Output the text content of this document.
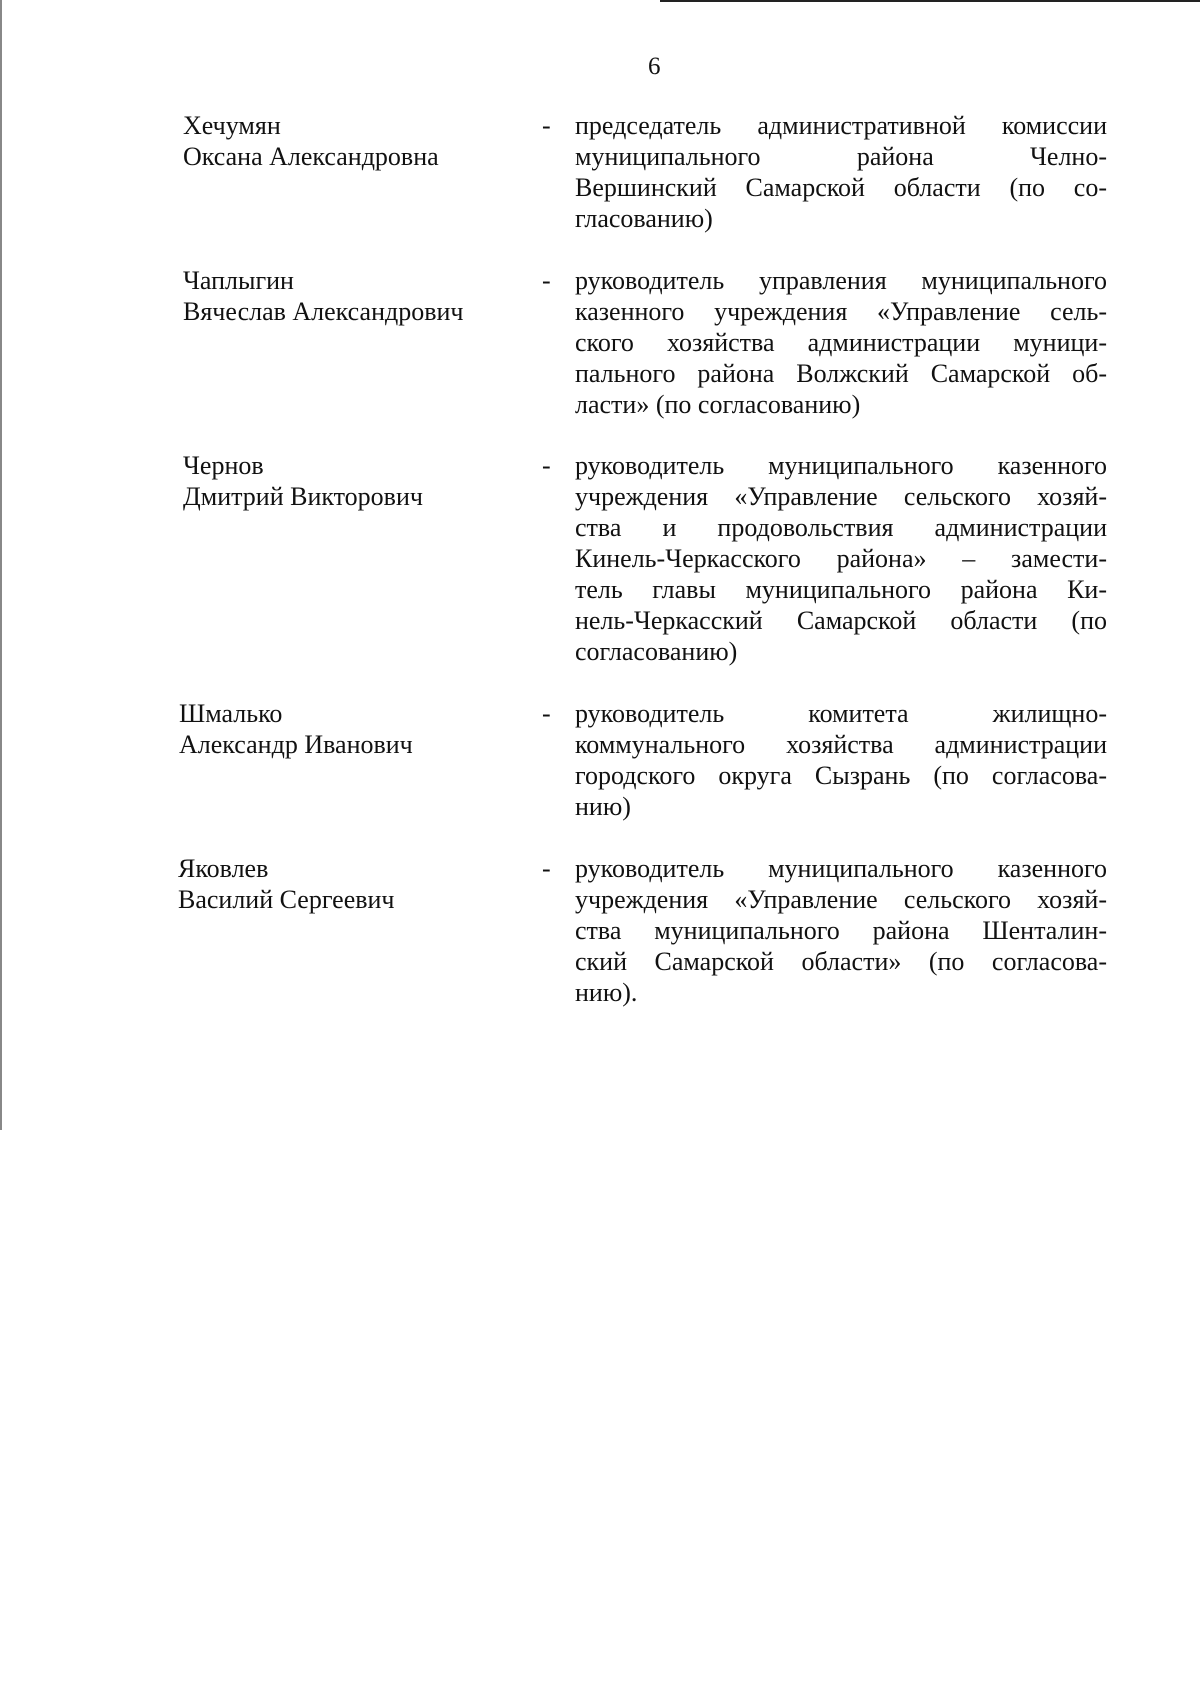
6
Хечумян
Оксана Александровна
- председатель административной комиссии
муниципального района Челно-
Вершинский Самарской области (по со-
гласованию)
Чаплыгин
Вячеслав Александрович
- руководитель управления муниципального
казенного учреждения «Управление сель-
ского хозяйства администрации муници-
пального района Волжский Самарской об-
ласти» (по согласованию)
Чернов
Дмитрий Викторович
- руководитель муниципального казенного
учреждения «Управление сельского хозяй-
ства и продовольствия администрации
Кинель-Черкасского района» – замести-
тель главы муниципального района Ки-
нель-Черкасский Самарской области (по
согласованию)
Шмалько
Александр Иванович
- руководитель комитета жилищно-
коммунального хозяйства администрации
городского округа Сызрань (по согласова-
нию)
Яковлев
Василий Сергеевич
- руководитель муниципального казенного
учреждения «Управление сельского хозяй-
ства муниципального района Шенталин-
ский Самарской области» (по согласова-
нию).
